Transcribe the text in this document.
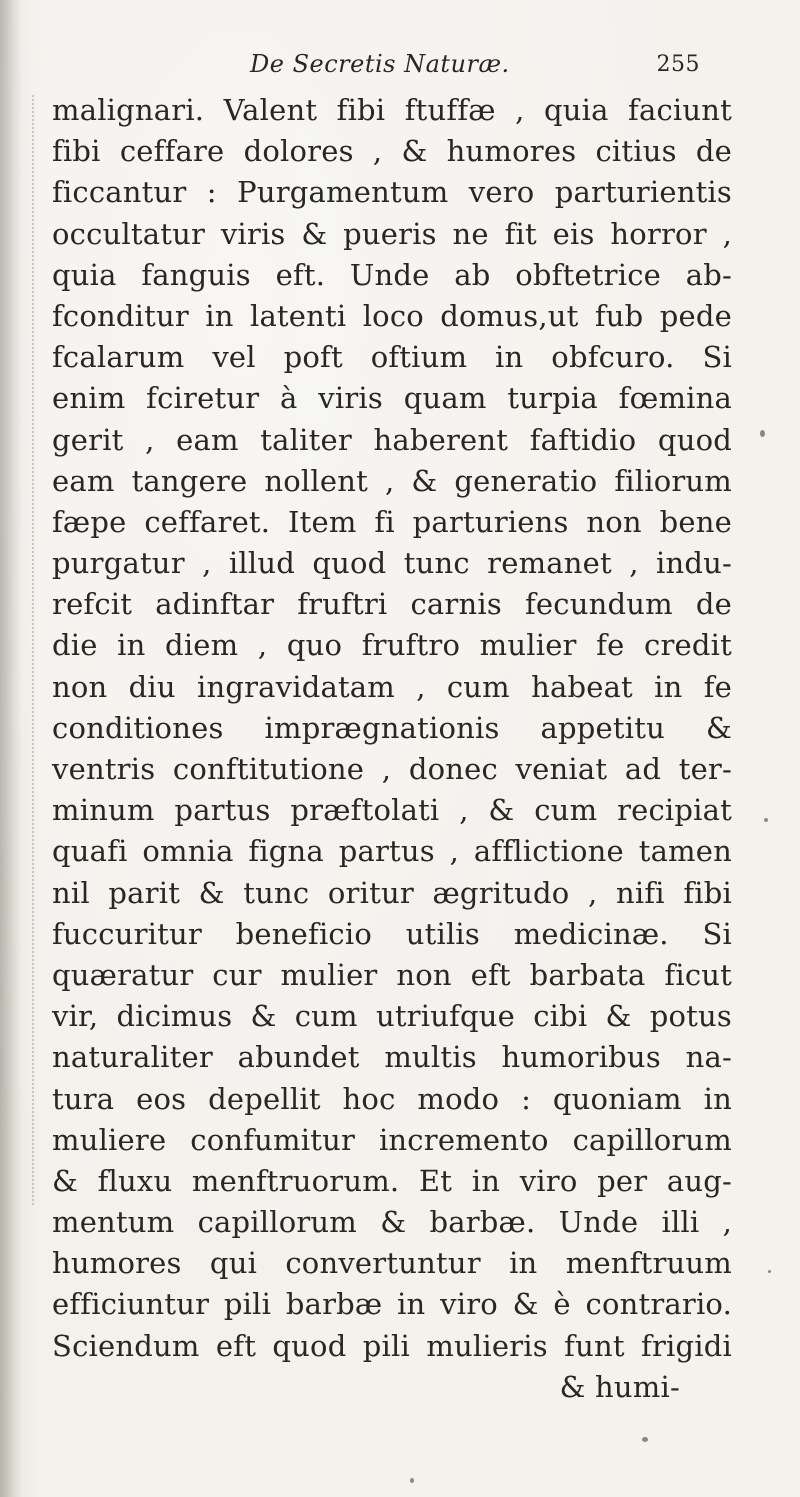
De Secretis Naturæ.	255
malignari. Valent fibi ftuffæ , quia faciunt
fibi ceffare dolores , & humores citius de
ficcantur : Purgamentum vero parturientis
occultatur viris & pueris ne fit eis horror ,
quia fanguis eft. Unde ab obftetrice ab-
fconditur in latenti loco domus,ut fub pede
fcalarum vel poft oftium in obfcuro. Si
enim fciretur à viris quam turpia fœmina
gerit , eam taliter haberent faftidio quod
eam tangere nollent , & generatio filiorum
fæpe ceffaret. Item fi parturiens non bene
purgatur , illud quod tunc remanet , indu-
refcit adinftar fruftri carnis fecundum de
die in diem , quo fruftro mulier fe credit
non diu ingravidatam , cum habeat in fe
conditiones imprægnationis appetitu &
ventris conftitutione , donec veniat ad ter-
minum partus præftolati , & cum recipiat
quafi omnia figna partus , afflictione tamen
nil parit & tunc oritur ægritudo , nifi fibi
fuccuritur beneficio utilis medicinæ. Si
quæratur cur mulier non eft barbata ficut
vir, dicimus & cum utriufque cibi & potus
naturaliter abundet multis humoribus na-
tura eos depellit hoc modo : quoniam in
muliere confumitur incremento capillorum
& fluxu menftruorum. Et in viro per aug-
mentum capillorum & barbæ. Unde illi ,
humores qui convertuntur in menftruum
efficiuntur pili barbæ in viro & è contrario.
Sciendum eft quod pili mulieris funt frigidi
& humi-
